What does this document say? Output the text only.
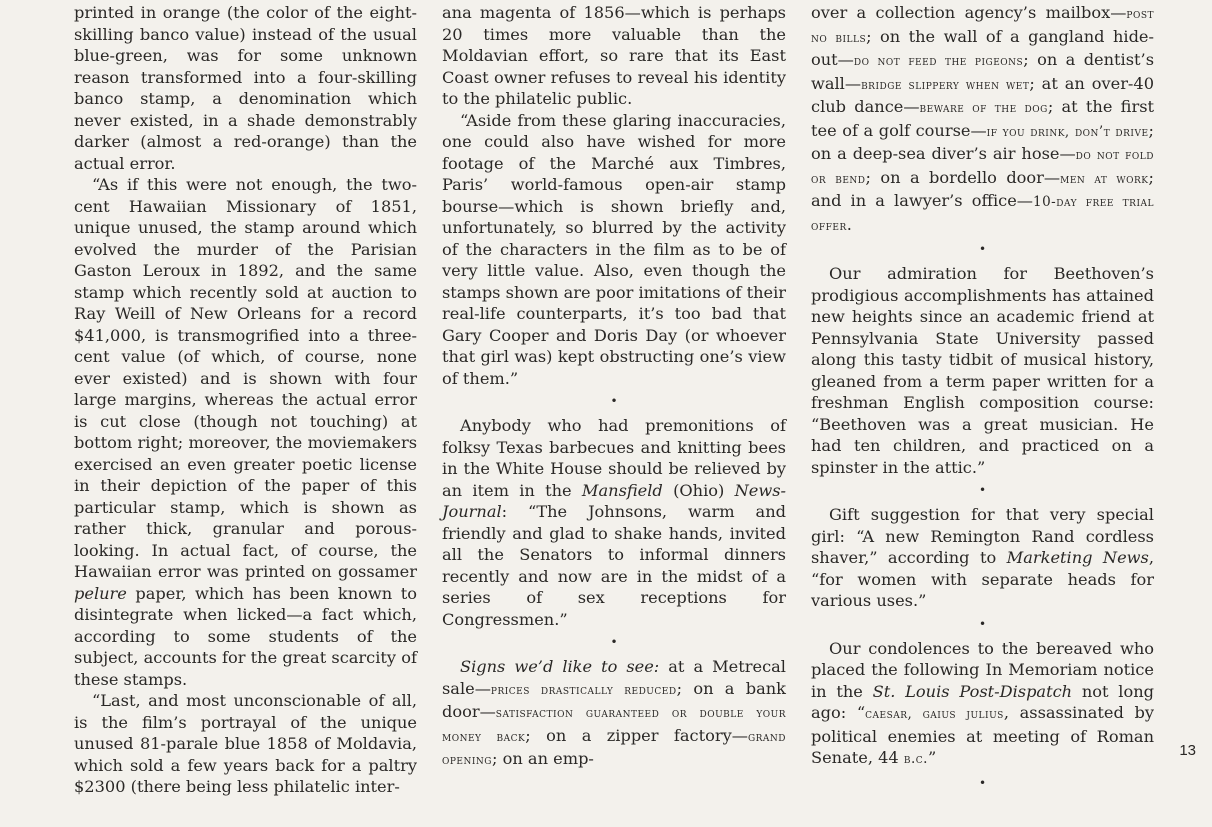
printed in orange (the color of the eight-skilling banco value) instead of the usual blue-green, was for some unknown reason transformed into a four-skilling banco stamp, a denomination which never existed, in a shade demonstrably darker (almost a red-orange) than the actual error.

“As if this were not enough, the two-cent Hawaiian Missionary of 1851, unique unused, the stamp around which evolved the murder of the Parisian Gaston Leroux in 1892, and the same stamp which recently sold at auction to Ray Weill of New Orleans for a record $41,000, is transmogrified into a three-cent value (of which, of course, none ever existed) and is shown with four large margins, whereas the actual error is cut close (though not touching) at bottom right; moreover, the moviemakers exercised an even greater poetic license in their depiction of the paper of this particular stamp, which is shown as rather thick, granular and porous-looking. In actual fact, of course, the Hawaiian error was printed on gossamer pelure paper, which has been known to disintegrate when licked—a fact which, according to some students of the subject, accounts for the great scarcity of these stamps.

“Last, and most unconscionable of all, is the film’s portrayal of the unique unused 81-parale blue 1858 of Moldavia, which sold a few years back for a paltry $2300 (there being less philatelic inter-

ana magenta of 1856—which is perhaps 20 times more valuable than the Moldavian effort, so rare that its East Coast owner refuses to reveal his identity to the philatelic public.

“Aside from these glaring inaccuracies, one could also have wished for more footage of the Marché aux Timbres, Paris’ world-famous open-air stamp bourse—which is shown briefly and, unfortunately, so blurred by the activity of the characters in the film as to be of very little value. Also, even though the stamps shown are poor imitations of their real-life counterparts, it’s too bad that Gary Cooper and Doris Day (or whoever that girl was) kept obstructing one’s view of them.”

•

Anybody who had premonitions of folksy Texas barbecues and knitting bees in the White House should be relieved by an item in the Mansfield (Ohio) News-Journal: “The Johnsons, warm and friendly and glad to shake hands, invited all the Senators to informal dinners recently and now are in the midst of a series of sex receptions for Congressmen.”

•

Signs we’d like to see: at a Metrecal sale—prices drastically reduced; on a bank door—satisfaction guaranteed or double your money back; on a zipper factory—grand opening; on an emp-

over a collection agency’s mailbox—post no bills; on the wall of a gangland hide-out—do not feed the pigeons; on a dentist’s wall—bridge slippery when wet; at an over-40 club dance—beware of the dog; at the first tee of a golf course—if you drink, don’t drive; on a deep-sea diver’s air hose—do not fold or bend; on a bordello door—men at work; and in a lawyer’s office—10-day free trial offer.

•

Our admiration for Beethoven’s prodigious accomplishments has attained new heights since an academic friend at Pennsylvania State University passed along this tasty tidbit of musical history, gleaned from a term paper written for a freshman English composition course: “Beethoven was a great musician. He had ten children, and practiced on a spinster in the attic.”

•

Gift suggestion for that very special girl: “A new Remington Rand cordless shaver,” according to Marketing News, “for women with separate heads for various uses.”

•

Our condolences to the bereaved who placed the following In Memoriam notice in the St. Louis Post-Dispatch not long ago: “caesar, gaius julius, assassinated by political enemies at meeting of Roman Senate, 44 b.c.”

•
13
